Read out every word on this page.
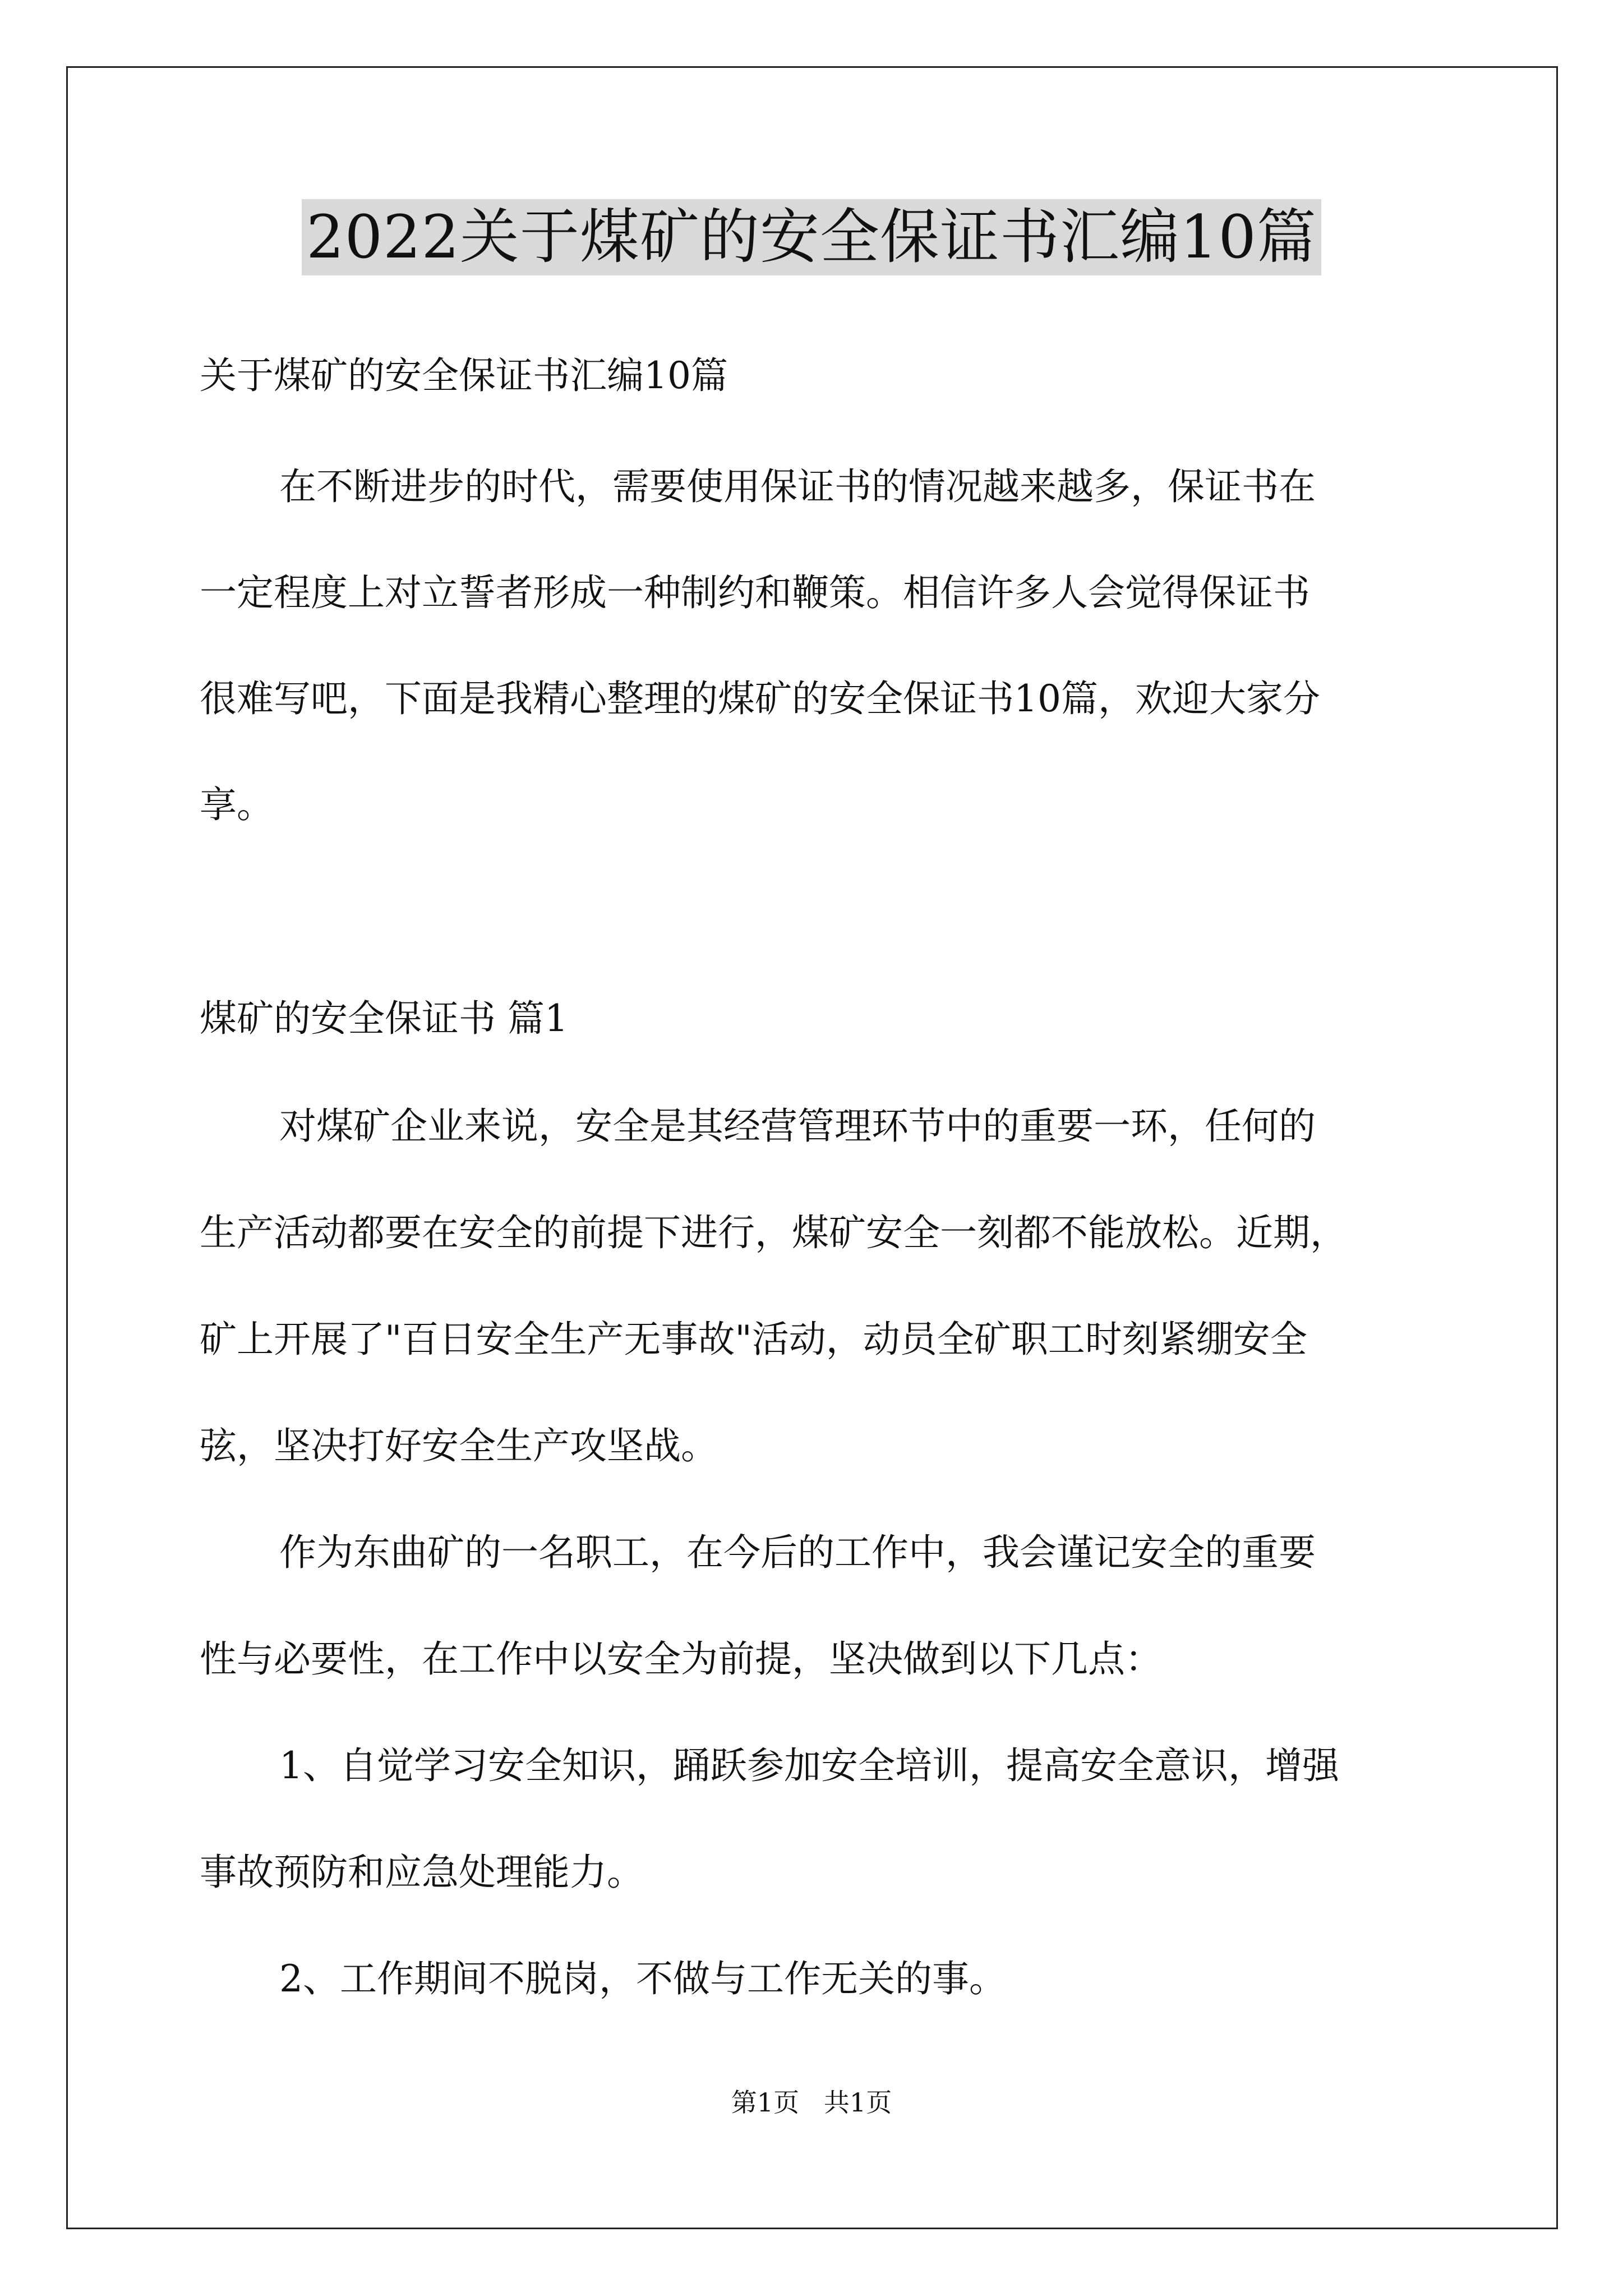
2022关于煤矿的安全保证书汇编10篇

关于煤矿的安全保证书汇编10篇

在不断进步的时代，需要使用保证书的情况越来越多，保证书在

一定程度上对立誓者形成一种制约和鞭策。相信许多人会觉得保证书

很难写吧，下面是我精心整理的煤矿的安全保证书10篇，欢迎大家分

享。

煤矿的安全保证书 篇1

对煤矿企业来说，安全是其经营管理环节中的重要一环，任何的

生产活动都要在安全的前提下进行，煤矿安全一刻都不能放松。近期，

矿上开展了"百日安全生产无事故"活动，动员全矿职工时刻紧绷安全

弦，坚决打好安全生产攻坚战。

作为东曲矿的一名职工，在今后的工作中，我会谨记安全的重要

性与必要性，在工作中以安全为前提，坚决做到以下几点：

1、自觉学习安全知识，踊跃参加安全培训，提高安全意识，增强

事故预防和应急处理能力。

2、工作期间不脱岗，不做与工作无关的事。

第1页   共1页
